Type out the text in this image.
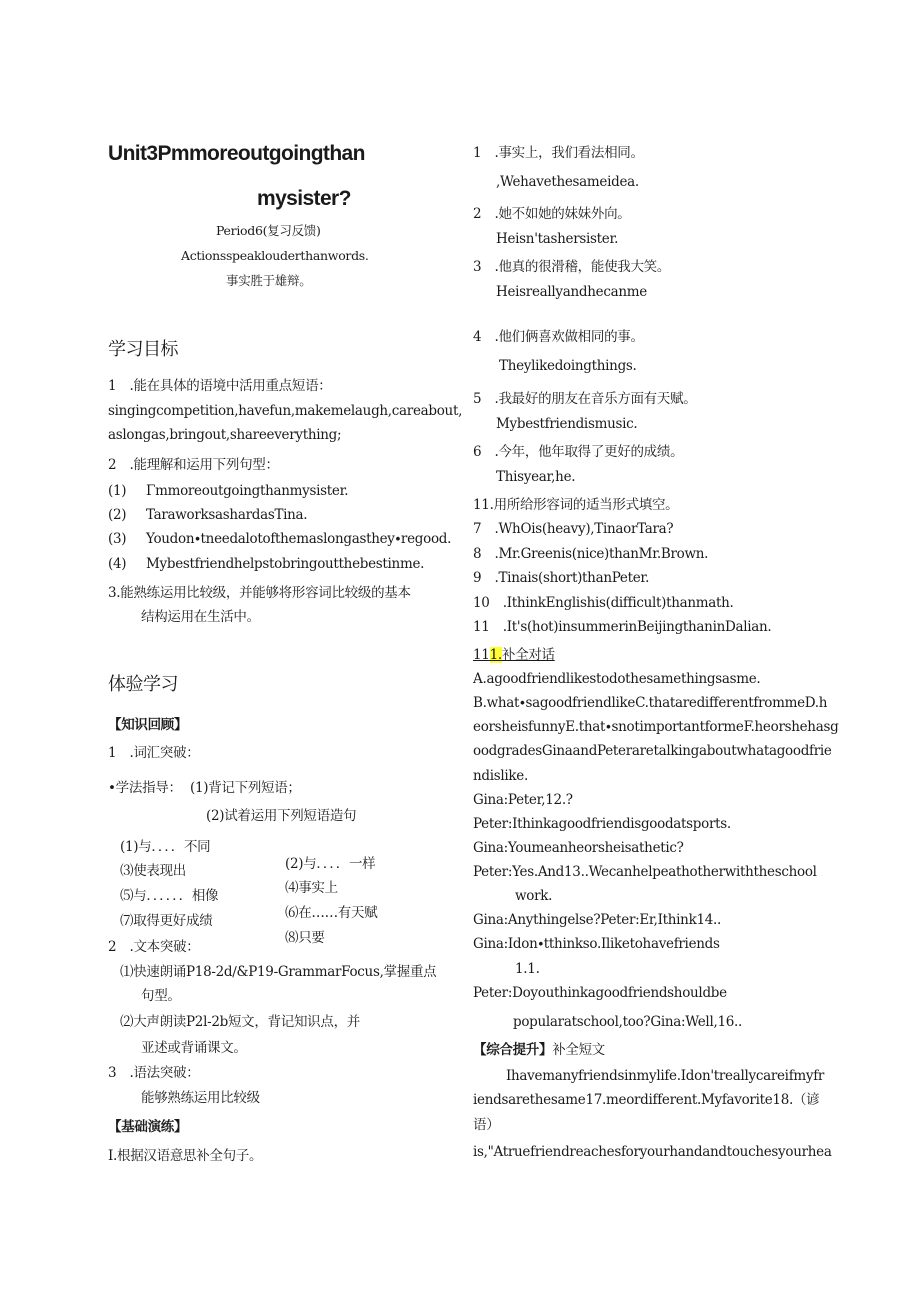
Unit3Pmmoreoutgoingthan
mysister?
Period6(复习反馈)
Actionsspeaklouderthanwords.
事实胜于雄辩。
学习目标
1　.能在具体的语境中活用重点短语：
singingcompetition,havefun,makemelaugh,careabout,
aslongas,bringout,shareeverything;
2　.能理解和运用下列句型：
(1) Γmmoreoutgoingthanmysister.
(2) TaraworksashardasTina.
(3) Youdon∙tneedalotofthemaslongasthey∙regood.
(4) Mybestfriendhelpstobringoutthebestinme.
3.能熟练运用比较级，并能够将形容词比较级的基本
结构运用在生活中。
体验学习
【知识回顾】
1　.词汇突破：
•学法指导： (1)背记下列短语；
(2)试着运用下列短语造句
(1)与．．．．不同
⑶使表现出
⑸与．．．．．．相像
⑺取得更好成绩
(2)与．．．．一样
⑷事实上
⑹在……有天赋
⑻只要
2　.文本突破：
⑴快速朗诵P18-2d∕&P19-GrammarFocus,掌握重点
句型。
⑵大声朗读P2l-2b短文，背记知识点，并
亚述或背诵课文。
3　.语法突破：
能够熟练运用比较级
【基础演练】
I.根据汉语意思补全句子。
1　.事实上，我们看法相同。
,Wehavethesameidea.
2　.她不如她的妹妹外向。
Heisn'tashersister.
3　.他真的很滑稽，能使我大笑。
Heisreallyandhecanme
4　.他们俩喜欢做相同的事。
Theylikedoingthings.
5　.我最好的朋友在音乐方面有天赋。
Mybestfriendismusic.
6　.今年，他年取得了更好的成绩。
Thisyear,he.
11.用所给形容词的适当形式填空。
7　.WhOis(heavy),TinaorTara?
8　.Mr.Greenis(nice)thanMr.Brown.
9　.Tinais(short)thanPeter.
10　.IthinkEnglishis(difficult)thanmath.
11　.It's(hot)insummerinBeijingthaninDalian.
111.补全对话
A.agoodfriendlikestodothesamethingsasme.
B.what∙sagoodfriendlikeC.thataredifferentfrommeD.h
eorsheisfunnyE.that∙snotimportantformeF.heorshehasg
oodgradesGinaandPeteraretalkingaboutwhatagoodfrie
ndislike.
Gina:Peter,12.?
Peter:Ithinkagoodfriendisgoodatsports.
Gina:Youmeanheorsheisathetic?
Peter:Yes.And13..Wecanhelpeathotherwiththeschool
work.
Gina:Anythingelse?Peter:Er,Ithink14..
Gina:Idon∙tthinkso.Iliketohavefriends
1.1.
Peter:Doyouthinkagoodfriendshouldbe
popularatschool,too?Gina:Well,16..
【综合提升】补全短文
Ihavemanyfriendsinmylife.Idon'treallycareifmyfr
iendsarethesame17.meordifferent.Myfavorite18.（谚
语）
is,"Atruefriendreachesforyourhandandtouchesyourhea
